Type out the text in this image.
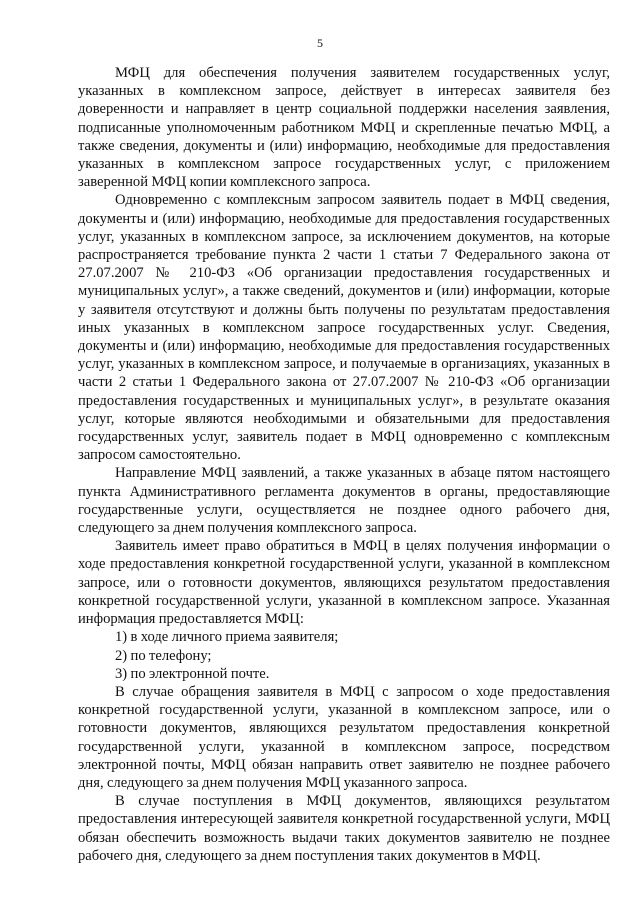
5

МФЦ для обеспечения получения заявителем государственных услуг, указанных в комплексном запросе, действует в интересах заявителя без доверенности и направляет в центр социальной поддержки населения заявления, подписанные уполномоченным работником МФЦ и скрепленные печатью МФЦ, а также сведения, документы и (или) информацию, необходимые для предоставления указанных в комплексном запросе государственных услуг, с приложением заверенной МФЦ копии комплексного запроса.

Одновременно с комплексным запросом заявитель подает в МФЦ сведения, документы и (или) информацию, необходимые для предоставления государственных услуг, указанных в комплексном запросе, за исключением документов, на которые распространяется требование пункта 2 части 1 статьи 7 Федерального закона от 27.07.2007 № 210-ФЗ «Об организации предоставления государственных и муниципальных услуг», а также сведений, документов и (или) информации, которые у заявителя отсутствуют и должны быть получены по результатам предоставления иных указанных в комплексном запросе государственных услуг. Сведения, документы и (или) информацию, необходимые для предоставления государственных услуг, указанных в комплексном запросе, и получаемые в организациях, указанных в части 2 статьи 1 Федерального закона от 27.07.2007 № 210-ФЗ «Об организации предоставления государственных и муниципальных услуг», в результате оказания услуг, которые являются необходимыми и обязательными для предоставления государственных услуг, заявитель подает в МФЦ одновременно с комплексным запросом самостоятельно.

Направление МФЦ заявлений, а также указанных в абзаце пятом настоящего пункта Административного регламента документов в органы, предоставляющие государственные услуги, осуществляется не позднее одного рабочего дня, следующего за днем получения комплексного запроса.

Заявитель имеет право обратиться в МФЦ в целях получения информации о ходе предоставления конкретной государственной услуги, указанной в комплексном запросе, или о готовности документов, являющихся результатом предоставления конкретной государственной услуги, указанной в комплексном запросе. Указанная информация предоставляется МФЦ:

1) в ходе личного приема заявителя;

2) по телефону;

3) по электронной почте.

В случае обращения заявителя в МФЦ с запросом о ходе предоставления конкретной государственной услуги, указанной в комплексном запросе, или о готовности документов, являющихся результатом предоставления конкретной государственной услуги, указанной в комплексном запросе, посредством электронной почты, МФЦ обязан направить ответ заявителю не позднее рабочего дня, следующего за днем получения МФЦ указанного запроса.

В случае поступления в МФЦ документов, являющихся результатом предоставления интересующей заявителя конкретной государственной услуги, МФЦ обязан обеспечить возможность выдачи таких документов заявителю не позднее рабочего дня, следующего за днем поступления таких документов в МФЦ.
